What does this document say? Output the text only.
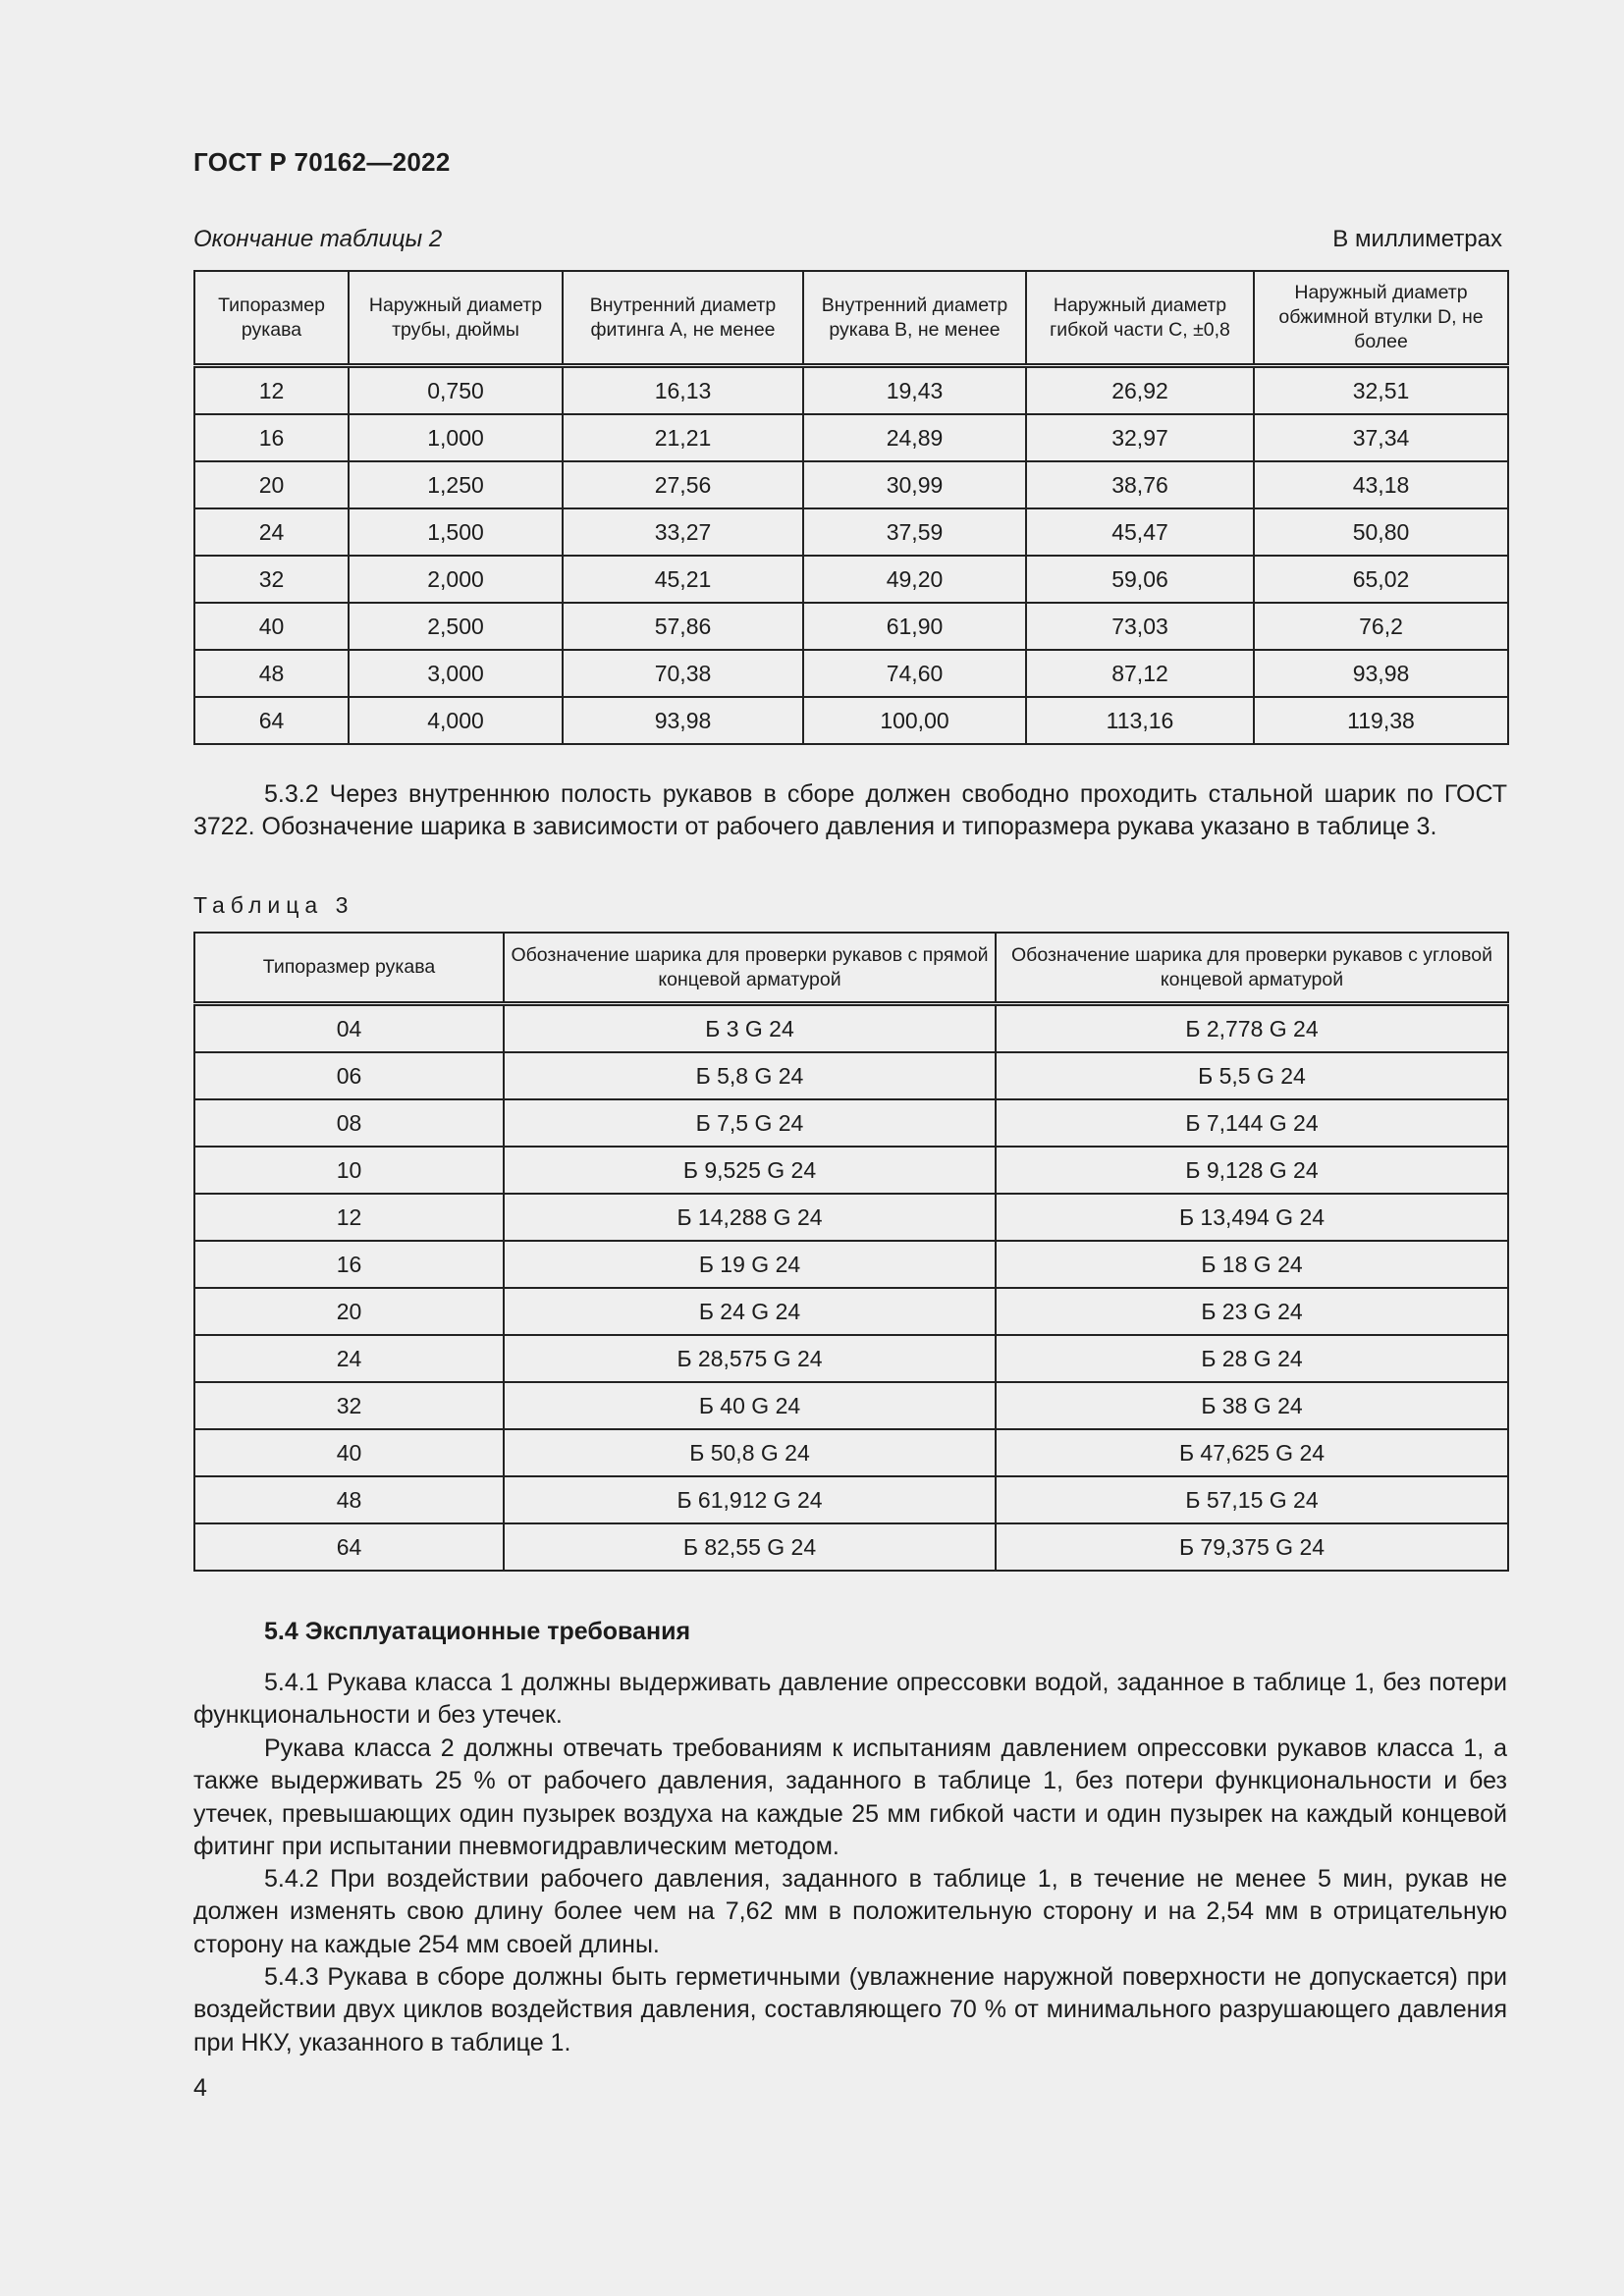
ГОСТ Р 70162—2022
Окончание таблицы 2	В миллиметрах
Типоразмер рукава	Наружный диаметр трубы, дюймы	Внутренний диаметр фитинга A, не менее	Внутренний диаметр рукава B, не менее	Наружный диаметр гибкой части C, ±0,8	Наружный диаметр обжимной втулки D, не более
12	0,750	16,13	19,43	26,92	32,51
16	1,000	21,21	24,89	32,97	37,34
20	1,250	27,56	30,99	38,76	43,18
24	1,500	33,27	37,59	45,47	50,80
32	2,000	45,21	49,20	59,06	65,02
40	2,500	57,86	61,90	73,03	76,2
48	3,000	70,38	74,60	87,12	93,98
64	4,000	93,98	100,00	113,16	119,38
5.3.2 Через внутреннюю полость рукавов в сборе должен свободно проходить стальной шарик по ГОСТ 3722. Обозначение шарика в зависимости от рабочего давления и типоразмера рукава указано в таблице 3.
Таблица 3
Типоразмер рукава	Обозначение шарика для проверки рукавов с прямой концевой арматурой	Обозначение шарика для проверки рукавов с угловой концевой арматурой
04	Б 3 G 24	Б 2,778 G 24
06	Б 5,8 G 24	Б 5,5 G 24
08	Б 7,5 G 24	Б 7,144 G 24
10	Б 9,525 G 24	Б 9,128 G 24
12	Б 14,288 G 24	Б 13,494 G 24
16	Б 19 G 24	Б 18 G 24
20	Б 24 G 24	Б 23 G 24
24	Б 28,575 G 24	Б 28 G 24
32	Б 40 G 24	Б 38 G 24
40	Б 50,8 G 24	Б 47,625 G 24
48	Б 61,912 G 24	Б 57,15 G 24
64	Б 82,55 G 24	Б 79,375 G 24
5.4 Эксплуатационные требования
5.4.1 Рукава класса 1 должны выдерживать давление опрессовки водой, заданное в таблице 1, без потери функциональности и без утечек.
Рукава класса 2 должны отвечать требованиям к испытаниям давлением опрессовки рукавов класса 1, а также выдерживать 25 % от рабочего давления, заданного в таблице 1, без потери функциональности и без утечек, превышающих один пузырек воздуха на каждые 25 мм гибкой части и один пузырек на каждый концевой фитинг при испытании пневмогидравлическим методом.
5.4.2 При воздействии рабочего давления, заданного в таблице 1, в течение не менее 5 мин, рукав не должен изменять свою длину более чем на 7,62 мм в положительную сторону и на 2,54 мм в отрицательную сторону на каждые 254 мм своей длины.
5.4.3 Рукава в сборе должны быть герметичными (увлажнение наружной поверхности не допускается) при воздействии двух циклов воздействия давления, составляющего 70 % от минимального разрушающего давления при НКУ, указанного в таблице 1.
4
